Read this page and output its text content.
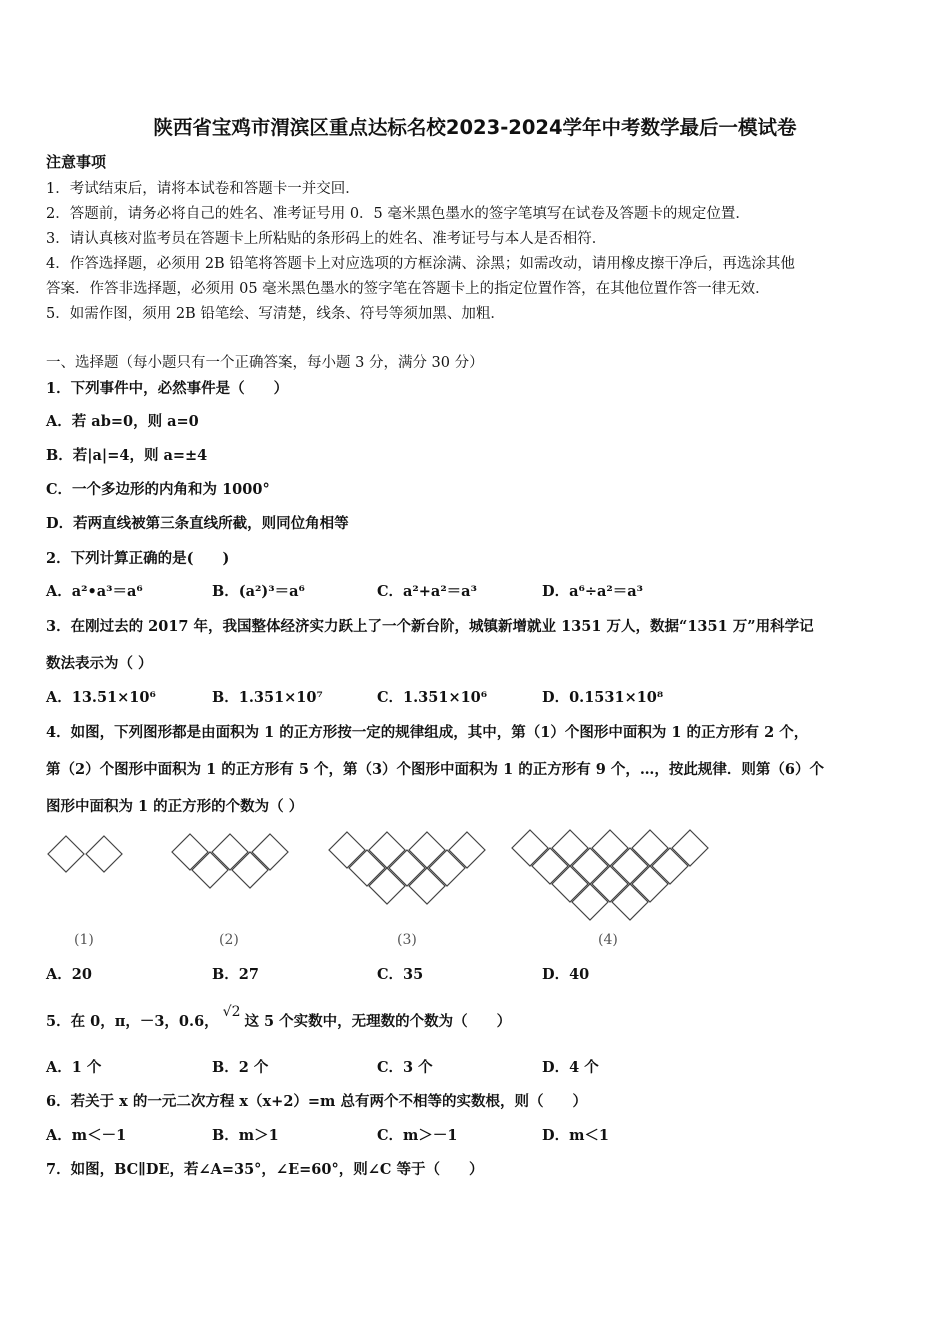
陕西省宝鸡市渭滨区重点达标名校2023-2024学年中考数学最后一模试卷
注意事项
1．考试结束后，请将本试卷和答题卡一并交回．
2．答题前，请务必将自己的姓名、准考证号用 0．5 毫米黑色墨水的签字笔填写在试卷及答题卡的规定位置．
3．请认真核对监考员在答题卡上所粘贴的条形码上的姓名、准考证号与本人是否相符．
4．作答选择题，必须用 2B 铅笔将答题卡上对应选项的方框涂满、涂黑；如需改动，请用橡皮擦干净后，再选涂其他
答案．作答非选择题，必须用 05 毫米黑色墨水的签字笔在答题卡上的指定位置作答，在其他位置作答一律无效．
5．如需作图，须用 2B 铅笔绘、写清楚，线条、符号等须加黑、加粗．
一、选择题（每小题只有一个正确答案，每小题 3 分，满分 30 分）
1．下列事件中，必然事件是（　　）
A．若 ab=0，则 a=0
B．若|a|=4，则 a=±4
C．一个多边形的内角和为 1000°
D．若两直线被第三条直线所截，则同位角相等
2．下列计算正确的是(　　)
A．a²•a³＝a⁶	B．(a²)³＝a⁶	C．a²+a²＝a³	D．a⁶÷a²＝a³
3．在刚过去的 2017 年，我国整体经济实力跃上了一个新台阶，城镇新增就业 1351 万人，数据“1351 万”用科学记
数法表示为（ ）
A．13.51×10⁶	B．1.351×10⁷	C．1.351×10⁶	D．0.1531×10⁸
4．如图，下列图形都是由面积为 1 的正方形按一定的规律组成，其中，第（1）个图形中面积为 1 的正方形有 2 个，
第（2）个图形中面积为 1 的正方形有 5 个，第（3）个图形中面积为 1 的正方形有 9 个，…，按此规律．则第（6）个
图形中面积为 1 的正方形的个数为（ ）
(1)	(2)	(3)	(4)
A．20	B．27	C．35	D．40
5．在 0，π，－3，0.6，√2这 5 个实数中，无理数的个数为（　　）
A．1 个	B．2 个	C．3 个	D．4 个
6．若关于 x 的一元二次方程 x（x+2）=m 总有两个不相等的实数根，则（　　）
A．m＜－1	B．m＞1	C．m＞－1	D．m＜1
7．如图，BC∥DE，若∠A=35°，∠E=60°，则∠C 等于（　　）
